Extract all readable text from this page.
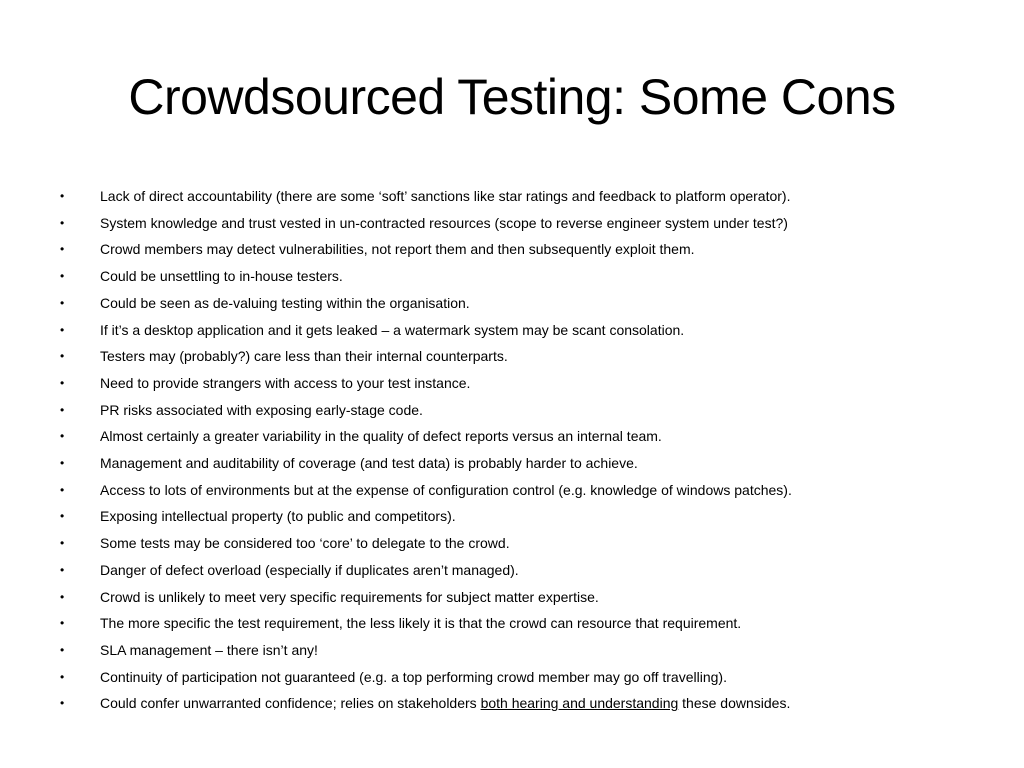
Crowdsourced Testing: Some Cons
•	Lack of direct accountability (there are some ‘soft’ sanctions like star ratings and feedback to platform operator).
•	System knowledge and trust vested in un-contracted resources (scope to reverse engineer system under test?)
•	Crowd members may detect vulnerabilities, not report them and then subsequently exploit them.
•	Could be unsettling to in-house testers.
•	Could be seen as de-valuing testing within the organisation.
•	If it’s a desktop application and it gets leaked – a watermark system may be scant consolation.
•	Testers may (probably?) care less than their internal counterparts.
•	Need to provide strangers with access to your test instance.
•	PR risks associated with exposing early-stage code.
•	Almost certainly a greater variability in the quality of defect reports versus an internal team.
•	Management and auditability of coverage (and test data) is probably harder to achieve.
•	Access to lots of environments but at the expense of configuration control (e.g. knowledge of windows patches).
•	Exposing intellectual property (to public and competitors).
•	Some tests may be considered too ‘core’ to delegate to the crowd.
•	Danger of defect overload (especially if duplicates aren’t managed).
•	Crowd is unlikely to meet very specific requirements for subject matter expertise.
•	The more specific the test requirement, the less likely it is that the crowd can resource that requirement.
•	SLA management – there isn’t any!
•	Continuity of participation not guaranteed (e.g. a top performing crowd member may go off travelling).
•	Could confer unwarranted confidence; relies on stakeholders both hearing and understanding these downsides.
